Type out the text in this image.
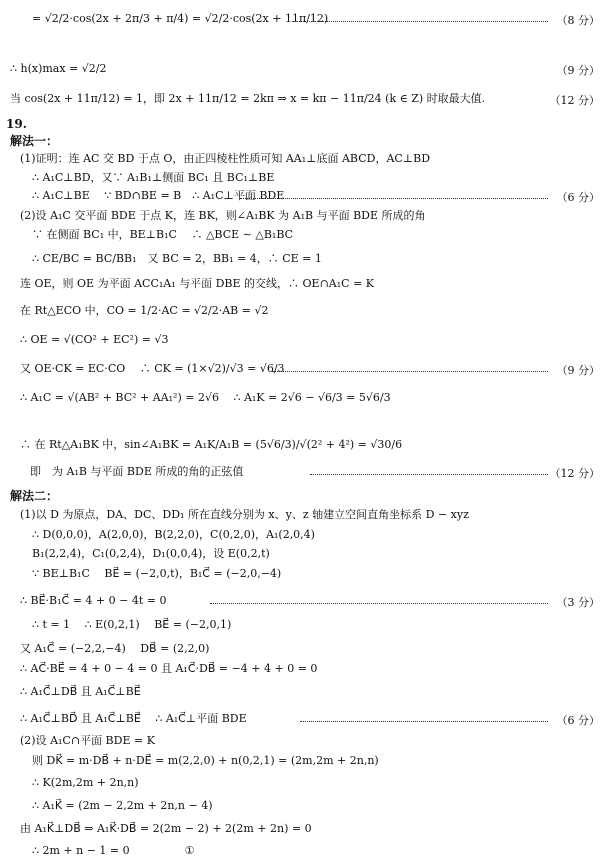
= √2/2·cos(2x + 2π/3 + π/4) = √2/2·cos(2x + 11π/12)	（8 分）
∴ h(x)max = √2/2	（9 分）
当 cos(2x + 11π/12) = 1，即 2x + 11π/12 = 2kπ ⇒ x = kπ − 11π/24 (k ∈ Z) 时取最大值.	（12 分）
19.
解法一：
(1)证明：连 AC 交 BD 于点 O，由正四棱柱性质可知 AA₁⊥底面 ABCD，AC⊥BD
∴ A₁C⊥BD，又∵ A₁B₁⊥侧面 BC₁ 且 BC₁⊥BE
∴ A₁C⊥BE　 ∵ BD∩BE = B　∴ A₁C⊥平面 BDE	（6 分）
(2)设 A₁C 交平面 BDE 于点 K，连 BK，则∠A₁BK 为 A₁B 与平面 BDE 所成的角
∵ 在侧面 BC₁ 中，BE⊥B₁C　 ∴ △BCE ∼ △B₁BC
∴ CE/BC = BC/BB₁　又 BC = 2，BB₁ = 4，∴ CE = 1
连 OE，则 OE 为平面 ACC₁A₁ 与平面 DBE 的交线，∴ OE∩A₁C = K
在 Rt△ECO 中，CO = 1/2·AC = √2/2·AB = √2
∴ OE = √(CO² + EC²) = √3
又 OE·CK = EC·CO　 ∴ CK = (1×√2)/√3 = √6/3	（9 分）
∴ A₁C = √(AB² + BC² + AA₁²) = 2√6　 ∴ A₁K = 2√6 − √6/3 = 5√6/3
∴ 在 Rt△A₁BK 中，sin∠A₁BK = A₁K/A₁B = (5√6/3)/√(2² + 4²) = √30/6
即　为 A₁B 与平面 BDE 所成的角的正弦值	（12 分）
解法二：
(1)以 D 为原点，DA、DC、DD₁ 所在直线分别为 x、y、z 轴建立空间直角坐标系 D − xyz
∴ D(0,0,0)，A(2,0,0)，B(2,2,0)，C(0,2,0)，A₁(2,0,4)
B₁(2,2,4)，C₁(0,2,4)，D₁(0,0,4)，设 E(0,2,t)
∵ BE⊥B₁C　 BE⃗ = (−2,0,t)，B₁C⃗ = (−2,0,−4)
∴ BE⃗·B₁C⃗ = 4 + 0 − 4t = 0	（3 分）
∴ t = 1　 ∴ E(0,2,1)　 BE⃗ = (−2,0,1)
又 A₁C⃗ = (−2,2,−4)　 DB⃗ = (2,2,0)
∴ AC⃗·BE⃗ = 4 + 0 − 4 = 0 且 A₁C⃗·DB⃗ = −4 + 4 + 0 = 0
∴ A₁C⃗⊥DB⃗ 且 A₁C⃗⊥BE⃗
∴ A₁C⃗⊥BD⃗ 且 A₁C⃗⊥BE⃗　 ∴ A₁C⃗⊥平面 BDE	（6 分）
(2)设 A₁C∩平面 BDE = K
则 DK⃗ = m·DB⃗ + n·DE⃗ = m(2,2,0) + n(0,2,1) = (2m,2m + 2n,n)
∴ K(2m,2m + 2n,n)
∴ A₁K⃗ = (2m − 2,2m + 2n,n − 4)
由 A₁K⃗⊥DB⃗ ⇒ A₁K⃗·DB⃗ = 2(2m − 2) + 2(2m + 2n) = 0
∴ 2m + n − 1 = 0　　　　　①
